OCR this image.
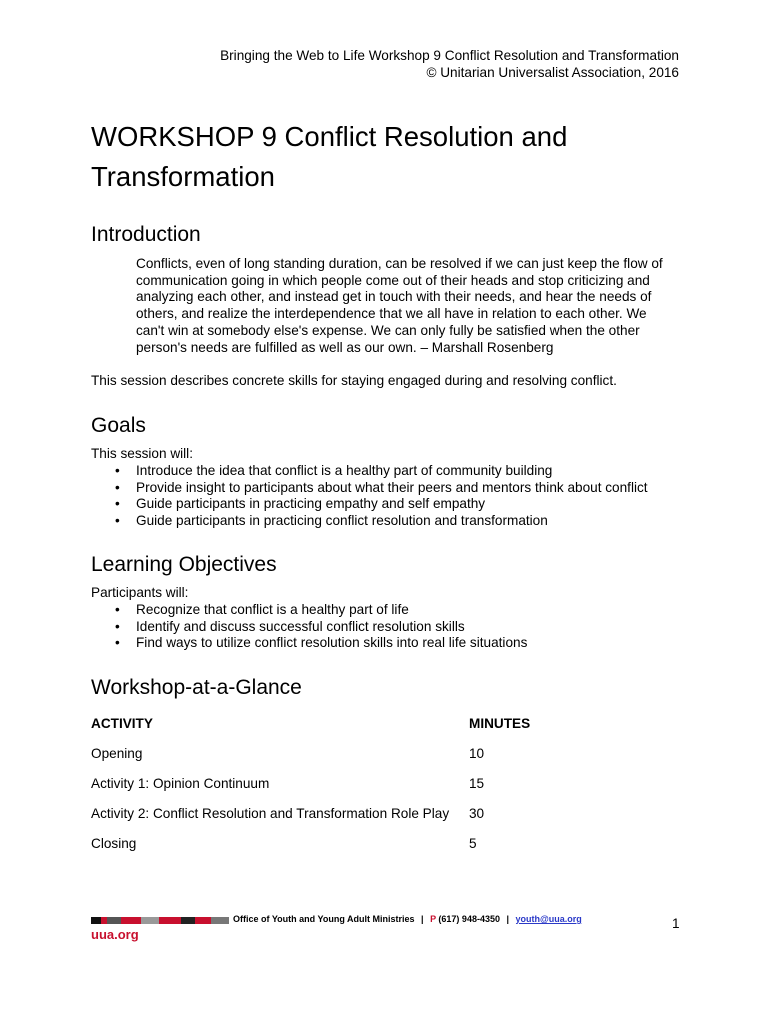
Bringing the Web to Life Workshop 9 Conflict Resolution and Transformation
© Unitarian Universalist Association, 2016
WORKSHOP 9 Conflict Resolution and
Transformation
Introduction
Conflicts, even of long standing duration, can be resolved if we can just keep the flow of
communication going in which people come out of their heads and stop criticizing and
analyzing each other, and instead get in touch with their needs, and hear the needs of
others, and realize the interdependence that we all have in relation to each other. We
can't win at somebody else's expense. We can only fully be satisfied when the other
person's needs are fulfilled as well as our own. – Marshall Rosenberg
This session describes concrete skills for staying engaged during and resolving conflict.
Goals
This session will:
• Introduce the idea that conflict is a healthy part of community building
• Provide insight to participants about what their peers and mentors think about conflict
• Guide participants in practicing empathy and self empathy
• Guide participants in practicing conflict resolution and transformation
Learning Objectives
Participants will:
• Recognize that conflict is a healthy part of life
• Identify and discuss successful conflict resolution skills
• Find ways to utilize conflict resolution skills into real life situations
Workshop-at-a-Glance
ACTIVITY	MINUTES
Opening	10
Activity 1: Opinion Continuum	15
Activity 2: Conflict Resolution and Transformation Role Play 30
Closing	5
Office of Youth and Young Adult Ministries | P (617) 948-4350 | youth@uua.org
uua.org
1
